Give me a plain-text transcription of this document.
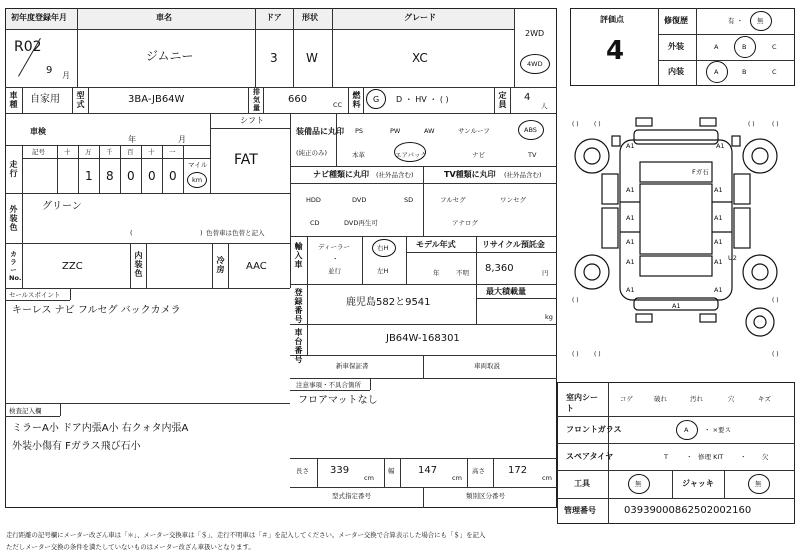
初年度登録年月
R02
9 月
車名
ジムニー
ドア
3
形状
W
グレード
XC
2WD
4WD
車種 自家用 型式	3BA-JB64W
排気量
660	CC
燃料
G D ・ HV ・ ( )	定員
4
人
車検
年	月
シフト
FAT
走行
記号	十 万 千 百 十 一
1 8 0 0 0
マイル
km
外装色
グリーン
(	) 色替車は色替と記入
カラーNo.
ZZC
内装色
冷房 AAC
セールスポイント
キーレス ナビ フルセグ バックカメラ
検査記入欄
ミラーA小 ドア内張A小 右クォタ内張A
外装小傷有 Fガラス飛び石小
装備品に丸印
(純正のみ)
PS	PW	AW	サンルーフ	ABS
本革	エアバック	ナビ	TV
ナビ種類に丸印 (社外品含む)
HDD	DVD	SD
CD	DVD再生可
TV種類に丸印 (社外品含む)
フルセグ	ワンセグ
アナログ
輸入車
ディーラー
・
並行
右H
左H
モデル年式
年	不明
リサイクル預託金
8,360	円
登録番号
鹿児島582と9541
最大積載量
kg
車台番号
JB64W-168301
新車保証書	車両取説
注意事項・不具合箇所
フロアマットなし
長さ 339
cm
幅 147
cm
高さ 172
cm
型式指定番号	類別区分番号
評価点
4
修復歴	有 ・ 無
外装	A	B	C
内装	A	B	C
( )	( )	( )	( )
( )	( )
( )	( )	( )
A1	A1
A1	A1
A1	A1
A1	A1
A1	A1 U2
A1	A1
A1
Fガ石
室内シート
コゲ	破れ	汚れ	穴	キズ
フロントガラス	A ・ ×要ス
スペアタイヤ	T	・ 修理 KIT	・ 欠
工具	無	ジャッキ	無
管理番号	03939000862502002160
走行距離の記号欄にメーター改ざん車は「＊」、メーター交換車は「＄」、走行不明車は「＃」を記入してください。メーター交換で合算表示した場合にも「＄」を記入
ただしメーター交換の条件を満たしていないものはメーター改ざん車扱いとなります。
